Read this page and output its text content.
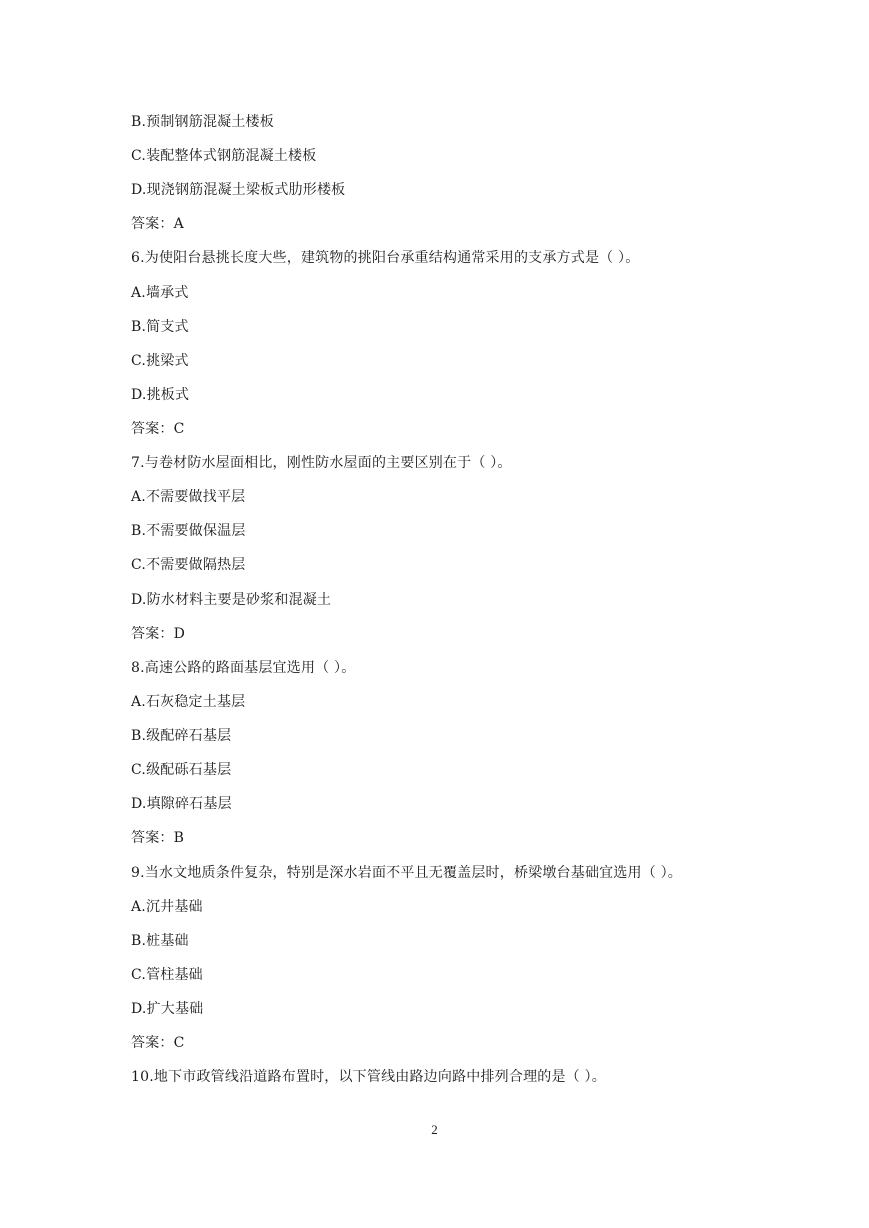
B.预制钢筋混凝土楼板
C.装配整体式钢筋混凝土楼板
D.现浇钢筋混凝土梁板式肋形楼板
答案：A
6.为使阳台悬挑长度大些，建筑物的挑阳台承重结构通常采用的支承方式是（ ）。
A.墙承式
B.简支式
C.挑梁式
D.挑板式
答案：C
7.与卷材防水屋面相比，刚性防水屋面的主要区别在于（ ）。
A.不需要做找平层
B.不需要做保温层
C.不需要做隔热层
D.防水材料主要是砂浆和混凝土
答案：D
8.高速公路的路面基层宜选用（ ）。
A.石灰稳定土基层
B.级配碎石基层
C.级配砾石基层
D.填隙碎石基层
答案：B
9.当水文地质条件复杂，特别是深水岩面不平且无覆盖层时，桥梁墩台基础宜选用（ ）。
A.沉井基础
B.桩基础
C.管柱基础
D.扩大基础
答案：C
10.地下市政管线沿道路布置时，以下管线由路边向路中排列合理的是（ ）。
2
